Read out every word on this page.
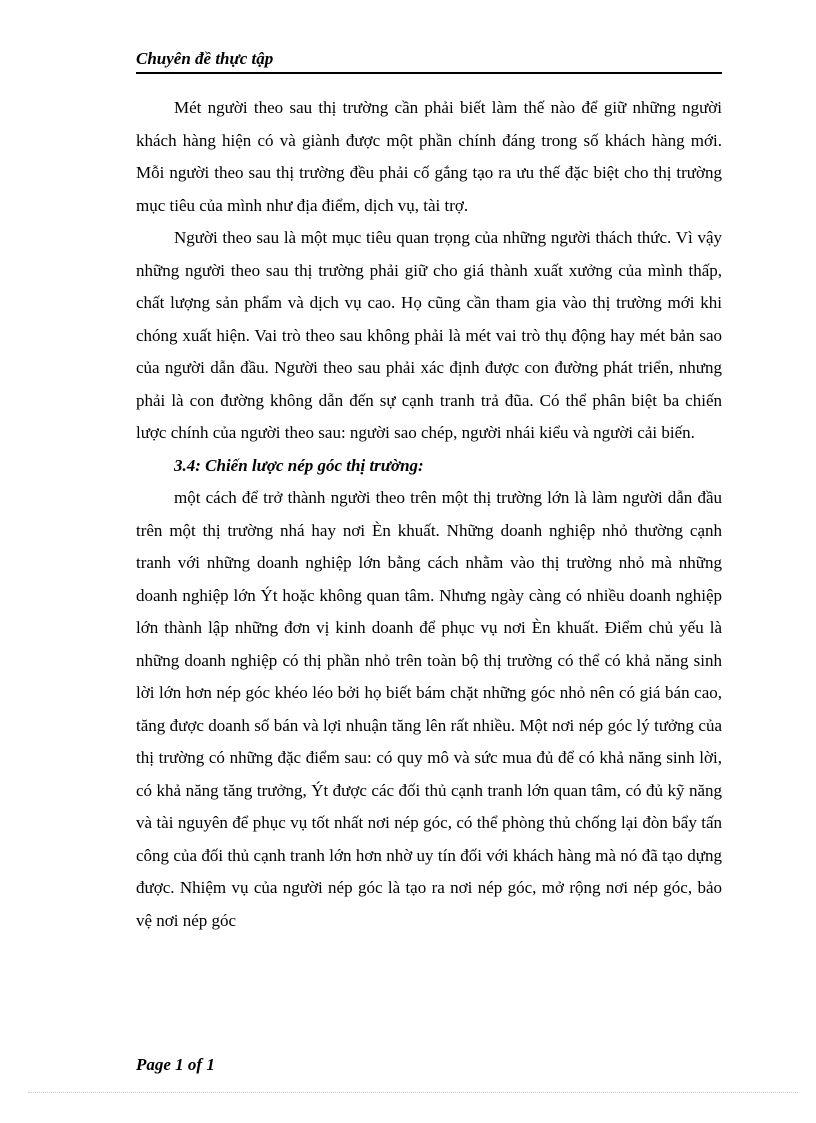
Chuyên đề thực tập

Mét người theo sau thị trường cần phải biết làm thế nào để giữ những người khách hàng hiện có và giành được một phần chính đáng trong số khách hàng mới. Mỗi người theo sau thị trường đều phải cố gắng tạo ra ưu thế đặc biệt cho thị trường mục tiêu của mình như địa điểm, dịch vụ, tài trợ.

Người theo sau là một mục tiêu quan trọng của những người thách thức. Vì vậy những người theo sau thị trường phải giữ cho giá thành xuất xưởng của mình thấp, chất lượng sản phẩm và dịch vụ cao. Họ cũng cần tham gia vào thị trường mới khi chóng xuất hiện. Vai trò theo sau không phải là mét vai trò thụ động hay mét bản sao của người dẫn đầu. Người theo sau phải xác định được con đường phát triển, nhưng phải là con đường không dẫn đến sự cạnh tranh trả đũa. Có thể phân biệt ba chiến lược chính của người theo sau: người sao chép, người nhái kiểu và người cải biến.

3.4: Chiến lược nép góc thị trường:

một cách để trở thành người theo trên một thị trường lớn là làm người dẫn đầu trên một thị trường nhá hay nơi Èn khuất. Những doanh nghiệp nhỏ thường cạnh tranh với những doanh nghiệp lớn bằng cách nhằm vào thị trường nhỏ mà những doanh nghiệp lớn Ýt hoặc không quan tâm. Nhưng ngày càng có nhiều doanh nghiệp lớn thành lập những đơn vị kinh doanh để phục vụ nơi Èn khuất. Điểm chủ yếu là những doanh nghiệp có thị phần nhỏ trên toàn bộ thị trường có thể có khả năng sinh lời lớn hơn nép góc khéo léo bởi họ biết bám chặt những góc nhỏ nên có giá bán cao, tăng được doanh số bán và lợi nhuận tăng lên rất nhiều. Một nơi nép góc lý tưởng của thị trường có những đặc điểm sau: có quy mô và sức mua đủ để có khả năng sinh lời, có khả năng tăng trưởng, Ýt được các đối thủ cạnh tranh lớn quan tâm, có đủ kỹ năng và tài nguyên để phục vụ tốt nhất nơi nép góc, có thể phòng thủ chống lại đòn bẩy tấn công của đối thủ cạnh tranh lớn hơn nhờ uy tín đối với khách hàng mà nó đã tạo dựng được. Nhiệm vụ của người nép góc là tạo ra nơi nép góc, mở rộng nơi nép góc, bảo vệ nơi nép góc

Page 1 of 1
